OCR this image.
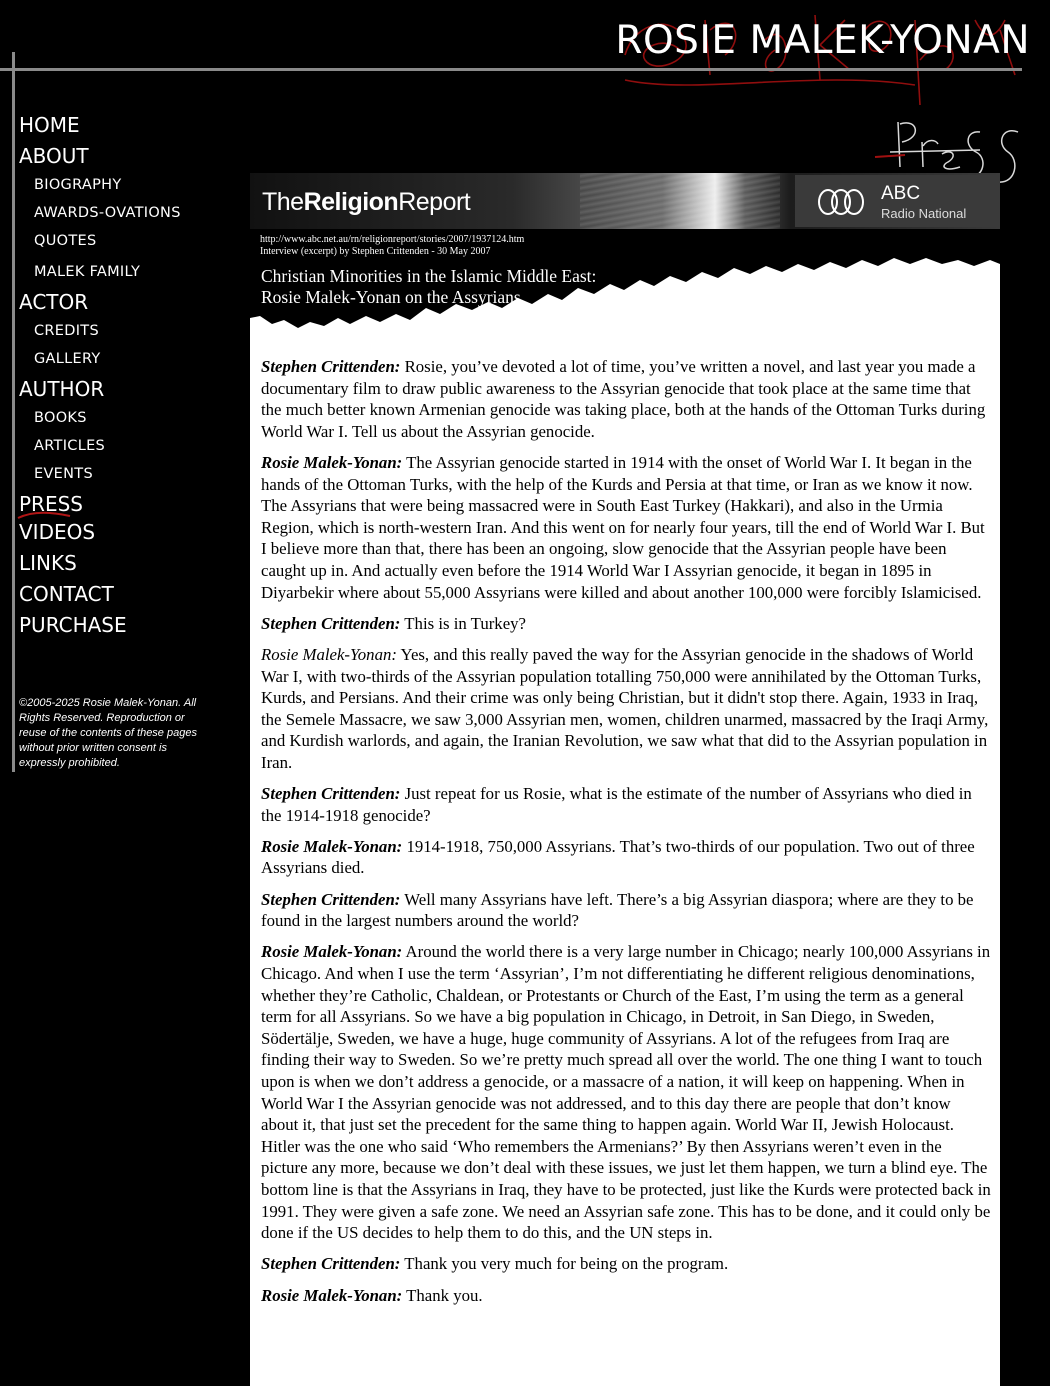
ROSIE MALEK-YONAN
PRESS
HOME
ABOUT
BIOGRAPHY
AWARDS-OVATIONS
QUOTES
MALEK FAMILY
ACTOR
CREDITS
GALLERY
AUTHOR
BOOKS
ARTICLES
EVENTS
PRESS
VIDEOS
LINKS
CONTACT
PURCHASE
©2005-2025 Rosie Malek-Yonan. All Rights Reserved. Reproduction or reuse of the contents of these pages without prior written consent is expressly prohibited.
TheReligionReport	ABC
Radio National
http://www.abc.net.au/rn/religionreport/stories/2007/1937124.htm
Interview (excerpt) by Stephen Crittenden - 30 May 2007
Christian Minorities in the Islamic Middle East:
Rosie Malek-Yonan on the Assyrians

Stephen Crittenden: Rosie, you’ve devoted a lot of time, you’ve written a novel, and last year you made a documentary film to draw public awareness to the Assyrian genocide that took place at the same time that the much better known Armenian genocide was taking place, both at the hands of the Ottoman Turks during World War I. Tell us about the Assyrian genocide.

Rosie Malek-Yonan: The Assyrian genocide started in 1914 with the onset of World War I. It began in the hands of the Ottoman Turks, with the help of the Kurds and Persia at that time, or Iran as we know it now. The Assyrians that were being massacred were in South East Turkey (Hakkari), and also in the Urmia Region, which is north-western Iran. And this went on for nearly four years, till the end of World War I. But I believe more than that, there has been an ongoing, slow genocide that the Assyrian people have been caught up in. And actually even before the 1914 World War I Assyrian genocide, it began in 1895 in Diyarbekir where about 55,000 Assyrians were killed and about another 100,000 were forcibly Islamicised.

Stephen Crittenden: This is in Turkey?

Rosie Malek-Yonan: Yes, and this really paved the way for the Assyrian genocide in the shadows of World War I, with two-thirds of the Assyrian population totalling 750,000 were annihilated by the Ottoman Turks, Kurds, and Persians. And their crime was only being Christian, but it didn't stop there. Again, 1933 in Iraq, the Semele Massacre, we saw 3,000 Assyrian men, women, children unarmed, massacred by the Iraqi Army, and Kurdish warlords, and again, the Iranian Revolution, we saw what that did to the Assyrian population in Iran.

Stephen Crittenden: Just repeat for us Rosie, what is the estimate of the number of Assyrians who died in the 1914-1918 genocide?

Rosie Malek-Yonan: 1914-1918, 750,000 Assyrians. That’s two-thirds of our population. Two out of three Assyrians died.

Stephen Crittenden: Well many Assyrians have left. There’s a big Assyrian diaspora; where are they to be found in the largest numbers around the world?

Rosie Malek-Yonan: Around the world there is a very large number in Chicago; nearly 100,000 Assyrians in Chicago. And when I use the term ‘Assyrian’, I’m not differentiating he different religious denominations, whether they’re Catholic, Chaldean, or Protestants or Church of the East, I’m using the term as a general term for all Assyrians. So we have a big population in Chicago, in Detroit, in San Diego, in Sweden, Södertälje, Sweden, we have a huge, huge community of Assyrians. A lot of the refugees from Iraq are finding their way to Sweden. So we’re pretty much spread all over the world. The one thing I want to touch upon is when we don’t address a genocide, or a massacre of a nation, it will keep on happening. When in World War I the Assyrian genocide was not addressed, and to this day there are people that don’t know about it, that just set the precedent for the same thing to happen again. World War II, Jewish Holocaust. Hitler was the one who said ‘Who remembers the Armenians?’ By then Assyrians weren’t even in the picture any more, because we don’t deal with these issues, we just let them happen, we turn a blind eye. The bottom line is that the Assyrians in Iraq, they have to be protected, just like the Kurds were protected back in 1991. They were given a safe zone. We need an Assyrian safe zone. This has to be done, and it could only be done if the US decides to help them to do this, and the UN steps in.

Stephen Crittenden: Thank you very much for being on the program.

Rosie Malek-Yonan: Thank you.
